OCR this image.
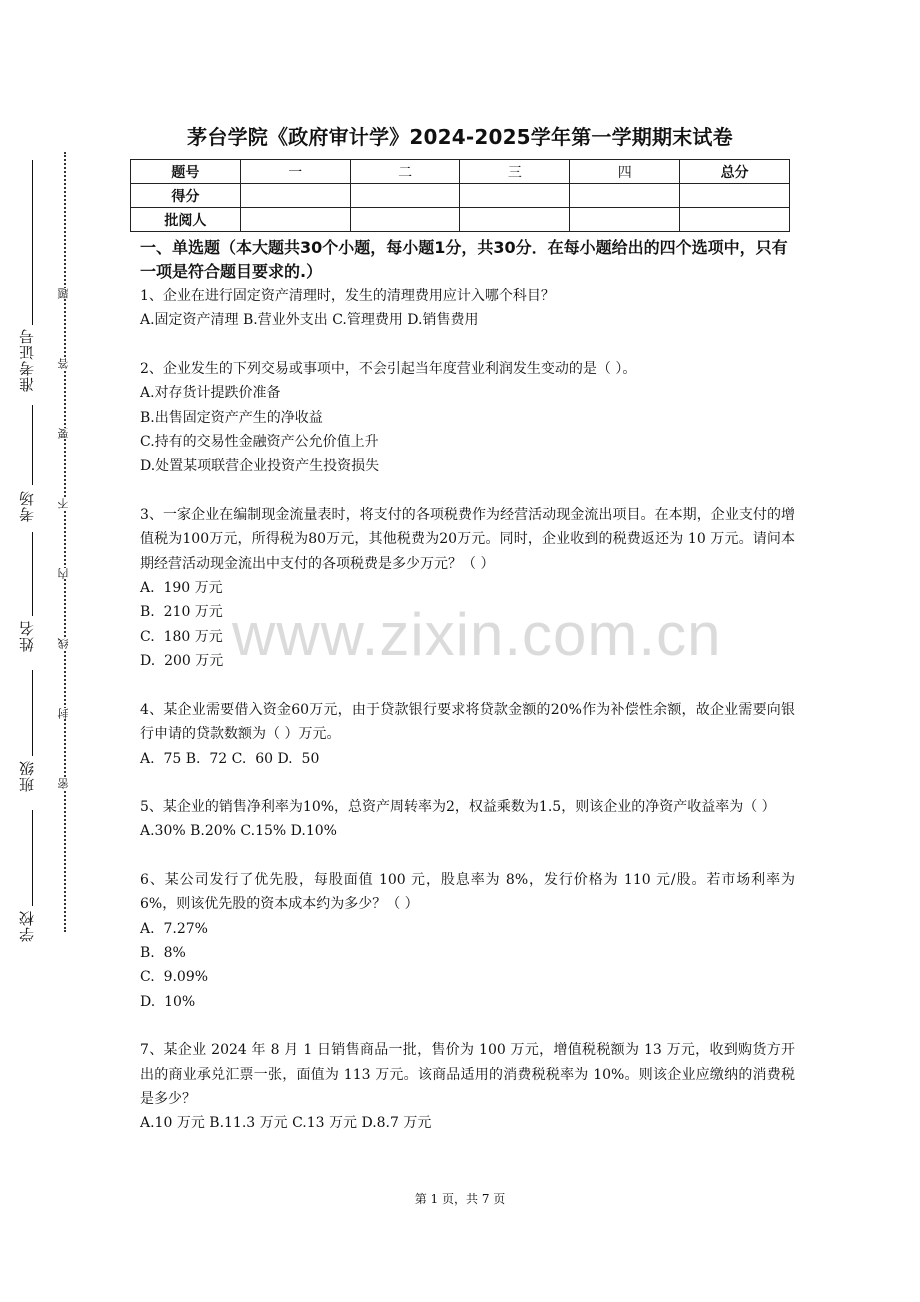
准考证号
考场
姓名
班级
学校
题
答
要
不
内
线
封
密
茅台学院《政府审计学》2024-2025学年第一学期期末试卷
题号	一	二	三	四	总分
得分					
批阅人					
一、单选题（本大题共30个小题，每小题1分，共30分．在每小题给出的四个选项中，只有一项是符合题目要求的.）
1、企业在进行固定资产清理时，发生的清理费用应计入哪个科目？
A.固定资产清理 B.营业外支出 C.管理费用 D.销售费用
2、企业发生的下列交易或事项中，不会引起当年度营业利润发生变动的是（ ）。
A.对存货计提跌价准备
B.出售固定资产产生的净收益
C.持有的交易性金融资产公允价值上升
D.处置某项联营企业投资产生投资损失
3、一家企业在编制现金流量表时，将支付的各项税费作为经营活动现金流出项目。在本期，企业支付的增值税为100万元，所得税为80万元，其他税费为20万元。同时，企业收到的税费返还为 10 万元。请问本期经营活动现金流出中支付的各项税费是多少万元？（ ）
A.  190 万元
B.  210 万元
C.  180 万元
D.  200 万元
4、某企业需要借入资金60万元，由于贷款银行要求将贷款金额的20%作为补偿性余额，故企业需要向银行申请的贷款数额为（ ）万元。
A.  75 B.  72 C.  60 D.  50
5、某企业的销售净利率为10%，总资产周转率为2，权益乘数为1.5，则该企业的净资产收益率为（ ）
A.30% B.20% C.15% D.10%
6、某公司发行了优先股，每股面值 100 元，股息率为 8%，发行价格为 110 元/股。若市场利率为 6%，则该优先股的资本成本约为多少？（ ）
A.  7.27%
B.  8%
C.  9.09%
D.  10%
7、某企业 2024 年 8 月 1 日销售商品一批，售价为 100 万元，增值税税额为 13 万元，收到购货方开出的商业承兑汇票一张，面值为 113 万元。该商品适用的消费税税率为 10%。则该企业应缴纳的消费税是多少？
A.10 万元 B.11.3 万元 C.13 万元 D.8.7 万元
www.zixin.com.cn
第 1 页，共 7 页
